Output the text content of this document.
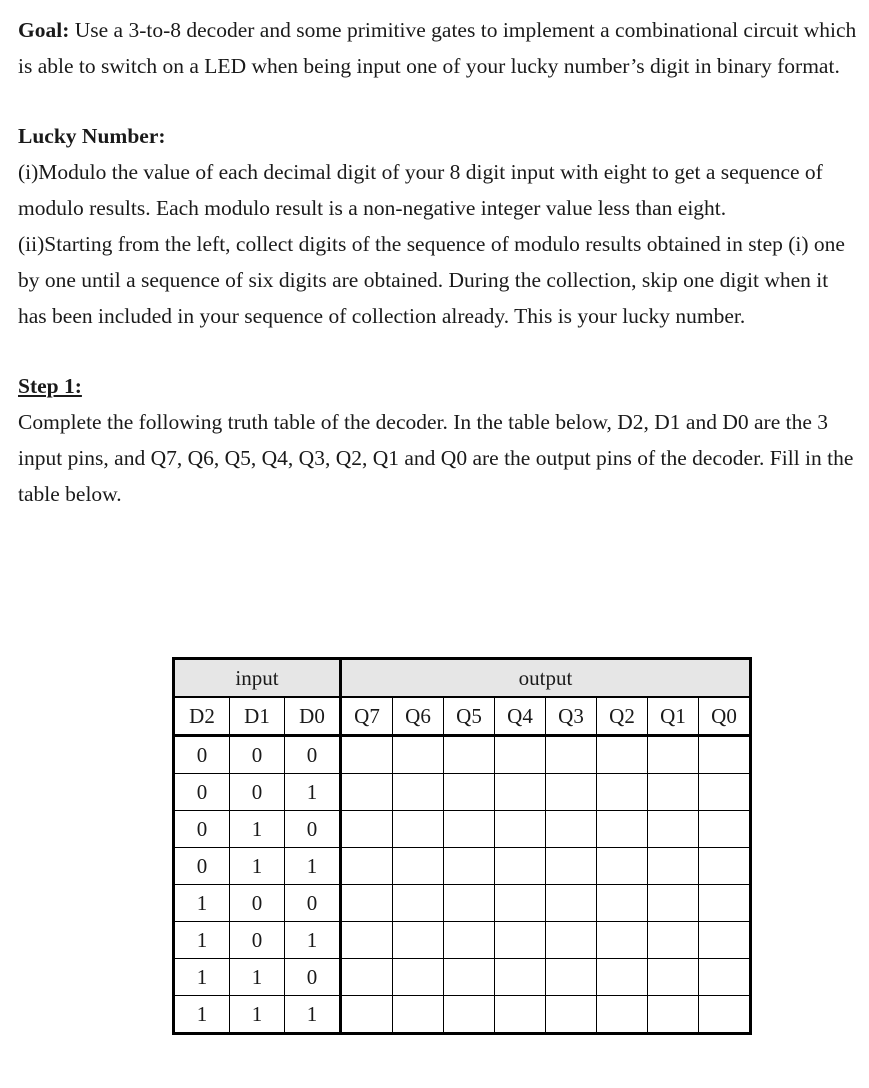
Goal: Use a 3-to-8 decoder and some primitive gates to implement a combinational circuit which is able to switch on a LED when being input one of your lucky number’s digit in binary format.

Lucky Number:

(i)Modulo the value of each decimal digit of your 8 digit input with eight to get a sequence of modulo results. Each modulo result is a non-negative integer value less than eight.

(ii)Starting from the left, collect digits of the sequence of modulo results obtained in step (i) one by one until a sequence of six digits are obtained. During the collection, skip one digit when it has been included in your sequence of collection already. This is your lucky number.

Step 1:

Complete the following truth table of the decoder. In the table below, D2, D1 and D0 are the 3 input pins, and Q7, Q6, Q5, Q4, Q3, Q2, Q1 and Q0 are the output pins of the decoder. Fill in the table below.

input			output							
D2	D1	D0	Q7	Q6	Q5	Q4	Q3	Q2	Q1	Q0
0	0	0								
0	0	1								
0	1	0								
0	1	1								
1	0	0								
1	0	1								
1	1	0								
1	1	1								
